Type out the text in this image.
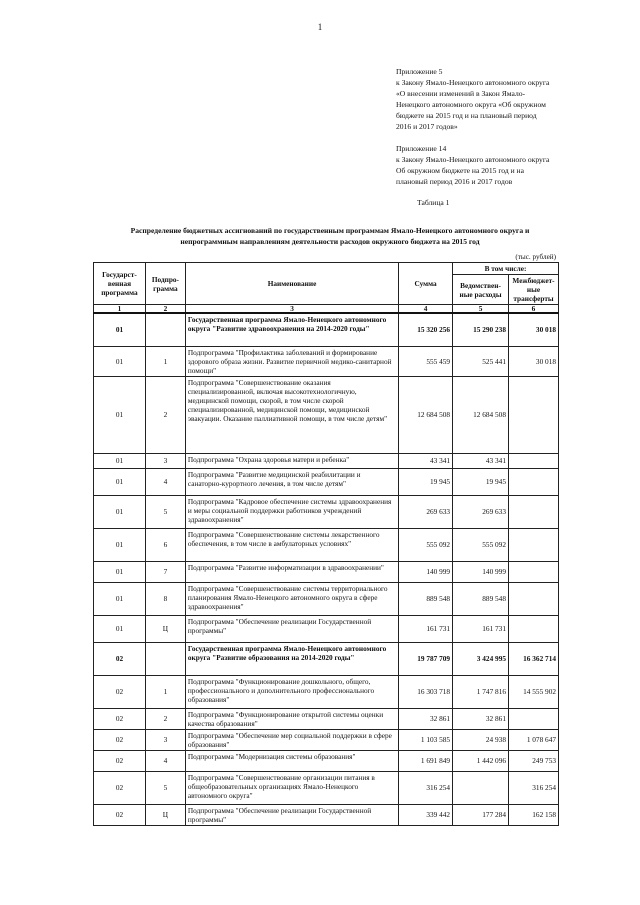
1
Приложение 5
к Закону Ямало-Ненецкого автономного округа
«О внесении изменений в Закон Ямало-
Ненецкого автономного округа «Об окружном
бюджете на 2015 год и на плановый период
2016 и 2017 годов»
Приложение 14
к Закону Ямало-Ненецкого автономного округа
Об окружном бюджете на 2015 год и на
плановый период 2016 и 2017 годов
Таблица 1
Распределение бюджетных ассигнований по государственным программам Ямало-Ненецкого автономного округа и
непрограммным направлениям деятельности расходов окружного бюджета на 2015 год
(тыс. рублей)
Государст-венная программа	Подпро-грамма	Наименование	Сумма	В том числе:	
				Ведомствен-ные расходы	Межбюджет-ные трансферты
1	2	3	4	5	6
01		Государственная программа Ямало-Ненецкого автономного округа "Развитие здравоохранения на 2014-2020 годы"	15 320 256	15 290 238	30 018
01	1	Подпрограмма "Профилактика заболеваний и формирование здорового образа жизни. Развитие первичной медико-санитарной помощи"	555 459	525 441	30 018
01	2	Подпрограмма "Совершенствование оказания специализированной, включая высокотехнологичную, медицинской помощи, скорой, в том числе скорой специализированной, медицинской помощи, медицинской эвакуации. Оказание паллиативной помощи, в том числе детям"	12 684 508	12 684 508	
01	3	Подпрограмма "Охрана здоровья матери и ребенка"	43 341	43 341	
01	4	Подпрограмма "Развитие медицинской реабилитации и санаторно-курортного лечения, в том числе детям"	19 945	19 945	
01	5	Подпрограмма "Кадровое обеспечение системы здравоохранения и меры социальной поддержки работников учреждений здравоохранения"	269 633	269 633	
01	6	Подпрограмма "Совершенствование системы лекарственного обеспечения, в том числе в амбулаторных условиях"	555 092	555 092	
01	7	Подпрограмма "Развитие информатизации в здравоохранении"	140 999	140 999	
01	8	Подпрограмма "Совершенствование системы территориального планирования Ямало-Ненецкого автономного округа в сфере здравоохранения"	889 548	889 548	
01	Ц	Подпрограмма "Обеспечение реализации Государственной программы"	161 731	161 731	
02		Государственная программа Ямало-Ненецкого автономного округа "Развитие образования на 2014-2020 годы"	19 787 709	3 424 995	16 362 714
02	1	Подпрограмма "Функционирование дошкольного, общего, профессионального и дополнительного профессионального образования"	16 303 718	1 747 816	14 555 902
02	2	Подпрограмма "Функционирование открытой системы оценки качества образования"	32 861	32 861	
02	3	Подпрограмма "Обеспечение мер социальной поддержки в сфере образования"	1 103 585	24 938	1 078 647
02	4	Подпрограмма "Модернизация системы образования"	1 691 849	1 442 096	249 753
02	5	Подпрограмма "Совершенствование организации питания в общеобразовательных организациях Ямало-Ненецкого автономного округа"	316 254		316 254
02	Ц	Подпрограмма "Обеспечение реализации Государственной программы"	339 442	177 284	162 158
